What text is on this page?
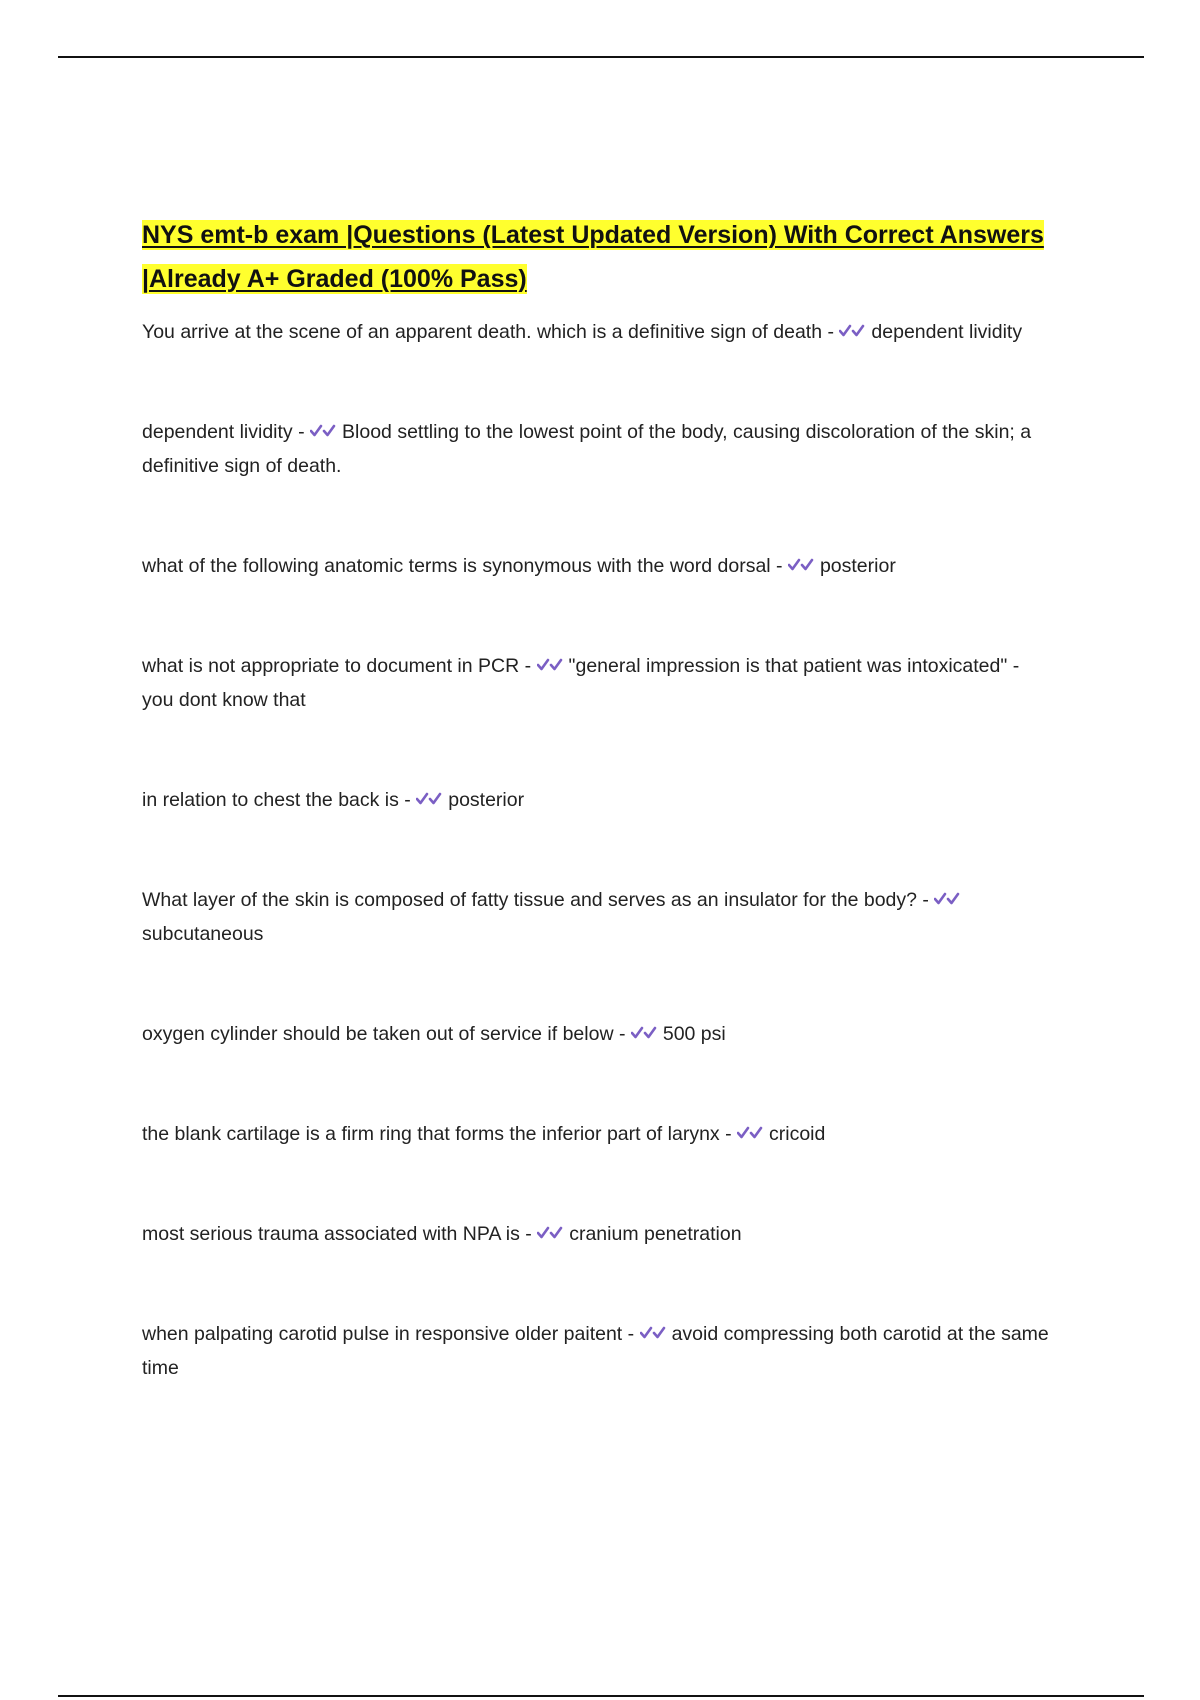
NYS emt-b exam |Questions (Latest Updated Version) With Correct Answers |Already A+ Graded (100% Pass)

You arrive at the scene of an apparent death. which is a definitive sign of death - dependent lividity

dependent lividity - Blood settling to the lowest point of the body, causing discoloration of the skin; a definitive sign of death.

what of the following anatomic terms is synonymous with the word dorsal - posterior

what is not appropriate to document in PCR - "general impression is that patient was intoxicated" - you dont know that

in relation to chest the back is - posterior

What layer of the skin is composed of fatty tissue and serves as an insulator for the body? -
subcutaneous

oxygen cylinder should be taken out of service if below - 500 psi

the blank cartilage is a firm ring that forms the inferior part of larynx - cricoid

most serious trauma associated with NPA is - cranium penetration

when palpating carotid pulse in responsive older paitent - avoid compressing both carotid at the same time
